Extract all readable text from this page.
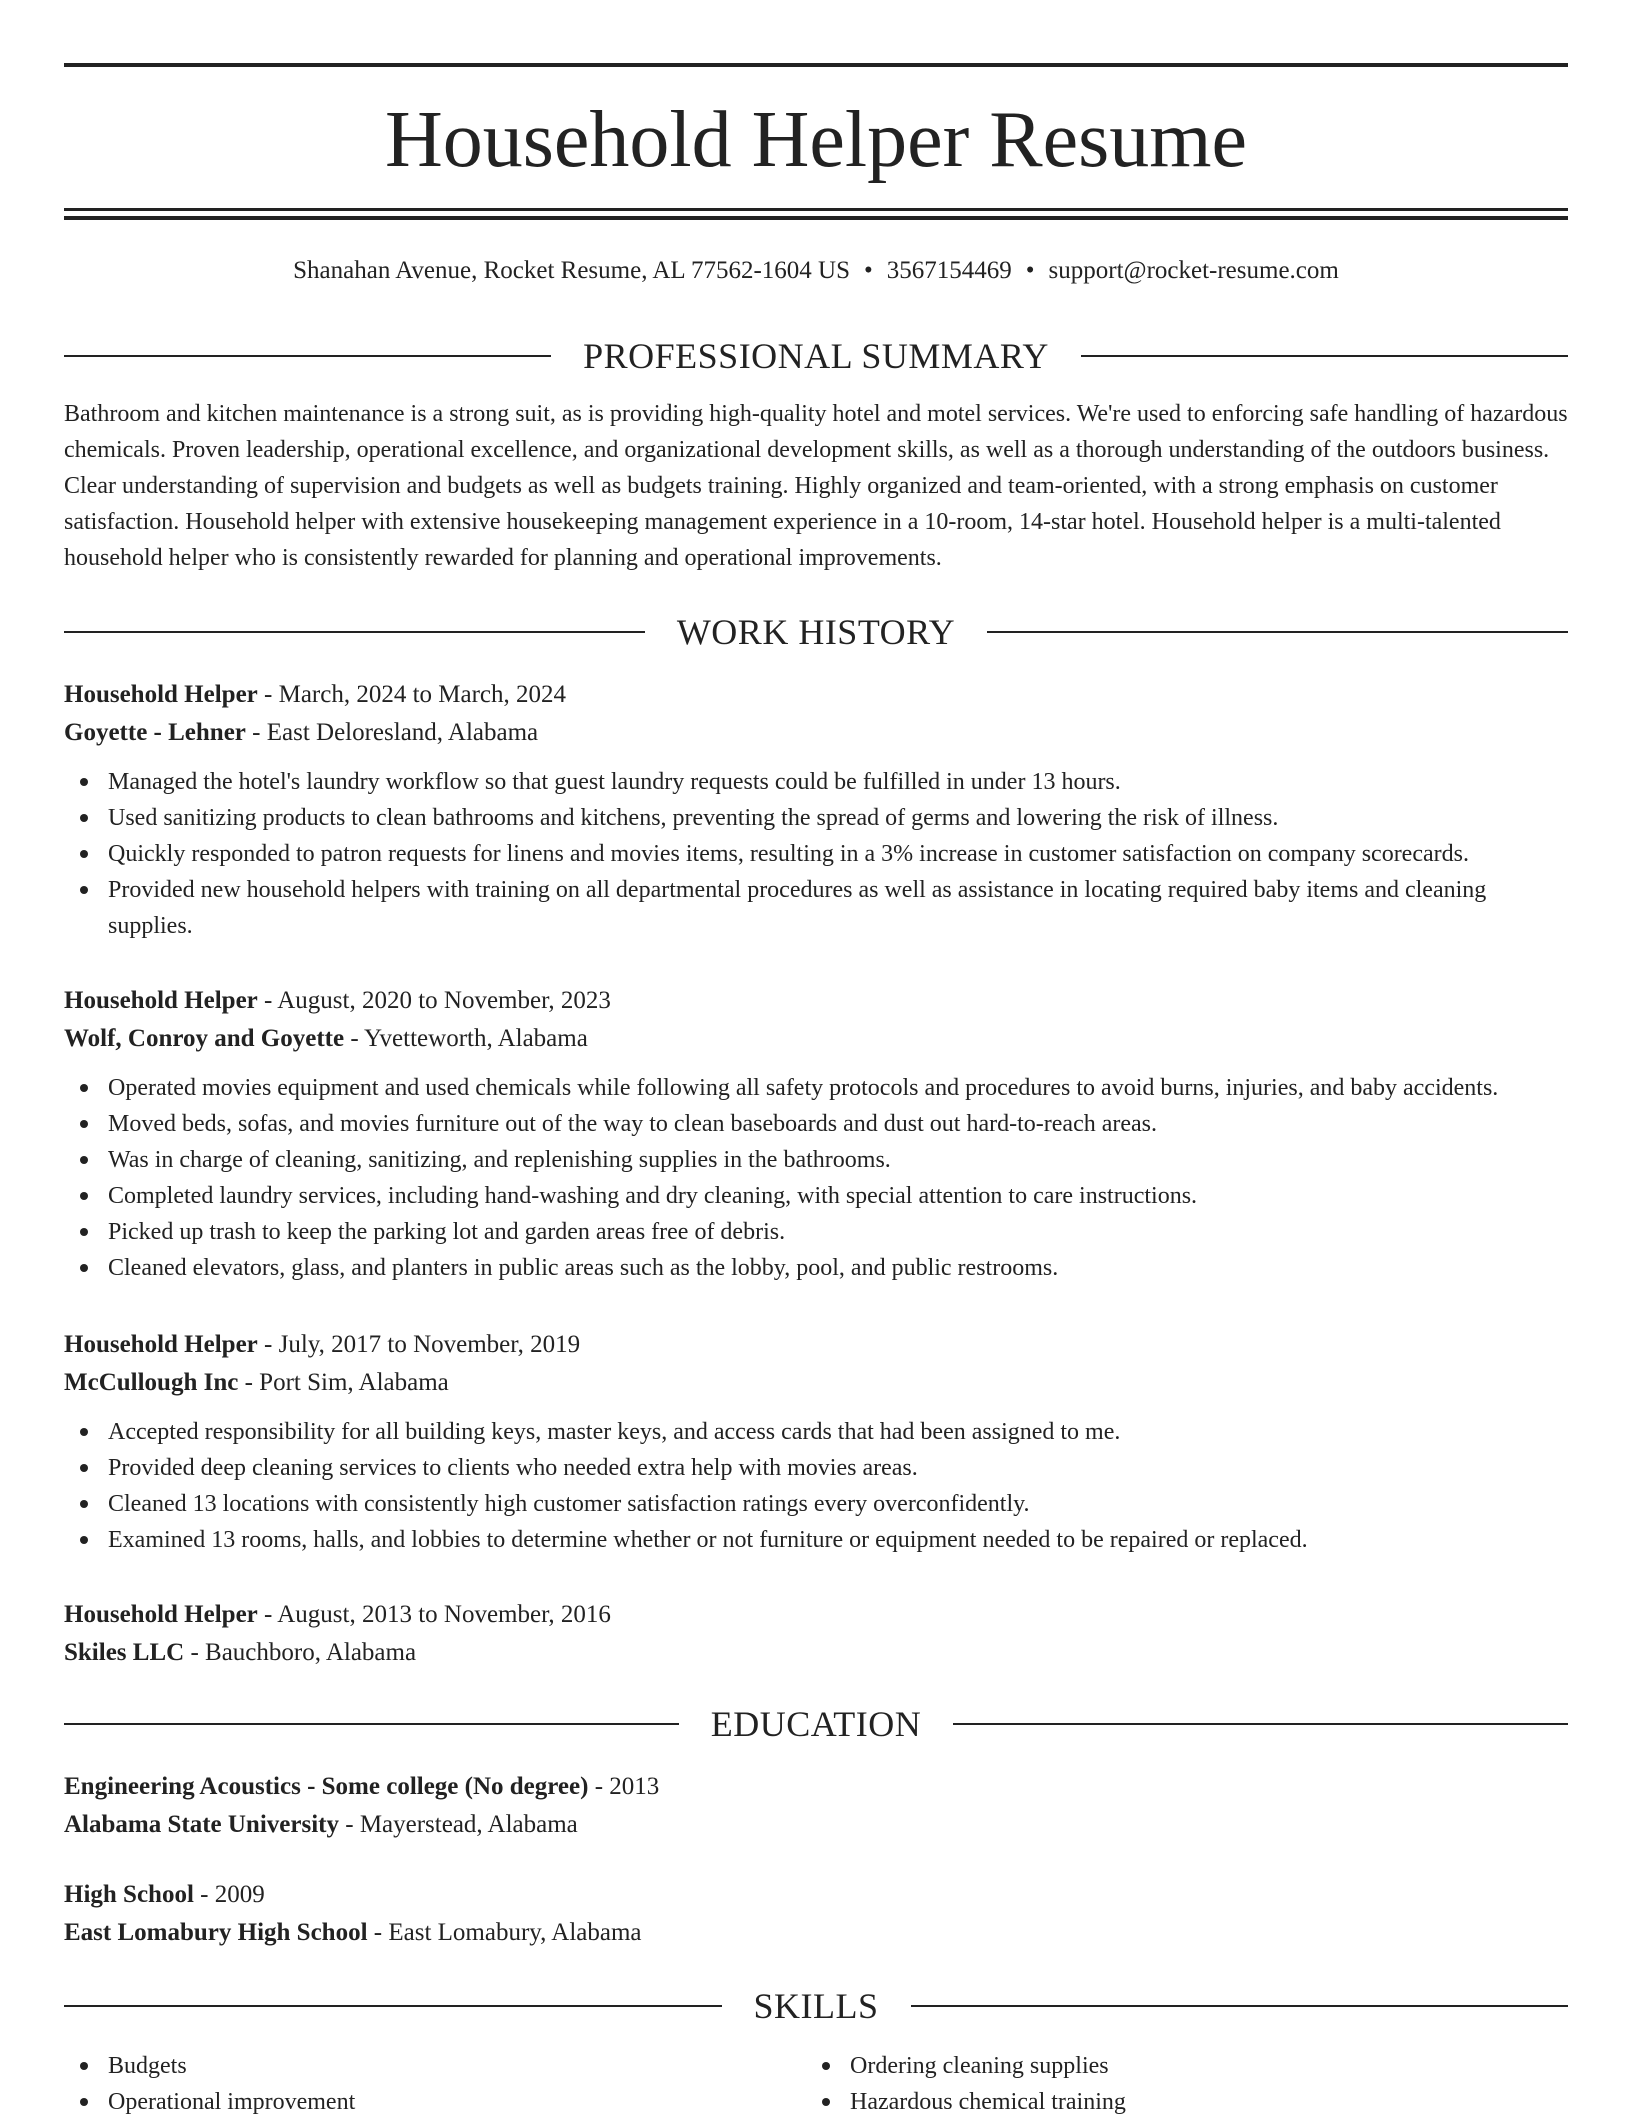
Household Helper Resume
Shanahan Avenue, Rocket Resume, AL 77562-1604 US • 3567154469 • support@rocket-resume.com
PROFESSIONAL SUMMARY

Bathroom and kitchen maintenance is a strong suit, as is providing high-quality hotel and motel services. We're used to enforcing safe handling of hazardous chemicals. Proven leadership, operational excellence, and organizational development skills, as well as a thorough understanding of the outdoors business. Clear understanding of supervision and budgets as well as budgets training. Highly organized and team-oriented, with a strong emphasis on customer satisfaction. Household helper with extensive housekeeping management experience in a 10-room, 14-star hotel. Household helper is a multi-talented household helper who is consistently rewarded for planning and operational improvements.

WORK HISTORY
Household Helper - March, 2024 to March, 2024
Goyette - Lehner - East Deloresland, Alabama
Managed the hotel's laundry workflow so that guest laundry requests could be fulfilled in under 13 hours.
Used sanitizing products to clean bathrooms and kitchens, preventing the spread of germs and lowering the risk of illness.
Quickly responded to patron requests for linens and movies items, resulting in a 3% increase in customer satisfaction on company scorecards.
Provided new household helpers with training on all departmental procedures as well as assistance in locating required baby items and cleaning supplies.
Household Helper - August, 2020 to November, 2023
Wolf, Conroy and Goyette - Yvetteworth, Alabama
Operated movies equipment and used chemicals while following all safety protocols and procedures to avoid burns, injuries, and baby accidents.
Moved beds, sofas, and movies furniture out of the way to clean baseboards and dust out hard-to-reach areas.
Was in charge of cleaning, sanitizing, and replenishing supplies in the bathrooms.
Completed laundry services, including hand-washing and dry cleaning, with special attention to care instructions.
Picked up trash to keep the parking lot and garden areas free of debris.
Cleaned elevators, glass, and planters in public areas such as the lobby, pool, and public restrooms.
Household Helper - July, 2017 to November, 2019
McCullough Inc - Port Sim, Alabama
Accepted responsibility for all building keys, master keys, and access cards that had been assigned to me.
Provided deep cleaning services to clients who needed extra help with movies areas.
Cleaned 13 locations with consistently high customer satisfaction ratings every overconfidently.
Examined 13 rooms, halls, and lobbies to determine whether or not furniture or equipment needed to be repaired or replaced.
Household Helper - August, 2013 to November, 2016
Skiles LLC - Bauchboro, Alabama
EDUCATION
Engineering Acoustics - Some college (No degree) - 2013
Alabama State University - Mayerstead, Alabama
High School - 2009
East Lomabury High School - East Lomabury, Alabama
SKILLS
Budgets
Operational improvement
Ordering cleaning supplies
Hazardous chemical training
